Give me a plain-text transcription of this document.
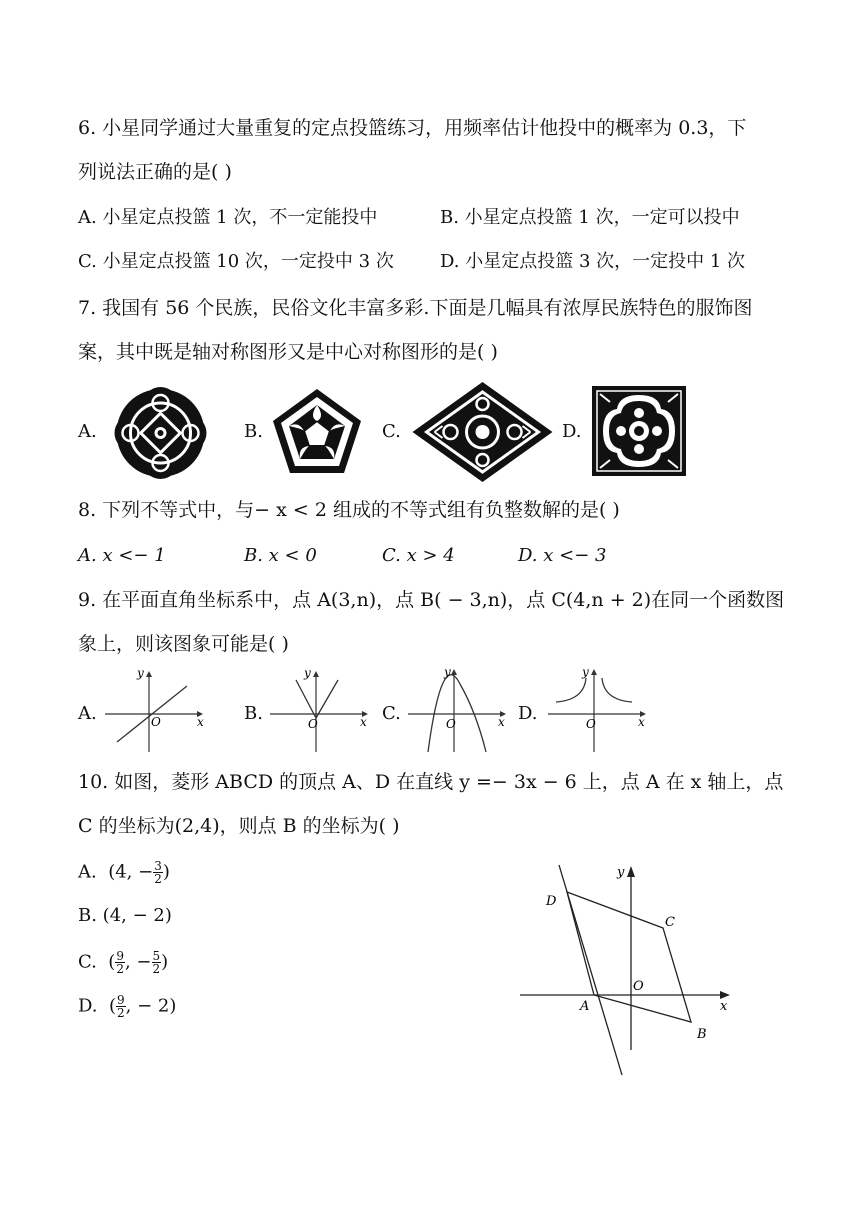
6. 小星同学通过大量重复的定点投篮练习，用频率估计他投中的概率为 0.3，下
列说法正确的是( )
A. 小星定点投篮 1 次，不一定能投中	B. 小星定点投篮 1 次，一定可以投中
C. 小星定点投篮 10 次，一定投中 3 次	D. 小星定点投篮 3 次，一定投中 1 次
7. 我国有 56 个民族，民俗文化丰富多彩.下面是几幅具有浓厚民族特色的服饰图
案，其中既是轴对称图形又是中心对称图形的是( )
A.	B.	C.	D.
8. 下列不等式中，与− x < 2 组成的不等式组有负整数解的是( )
A. x <− 1	B. x < 0	C. x > 4	D. x <− 3
9. 在平面直角坐标系中，点 A(3,n)，点 B( − 3,n)，点 C(4,n + 2)在同一个函数图
象上，则该图象可能是( )
A.
y
x
O	B.
y
x
O	C.
y
x
O	D.
y
x
O
10. 如图，菱形 ABCD 的顶点 A、D 在直线 y =− 3x − 6 上，点 A 在 x 轴上，点
C 的坐标为(2,4)，则点 B 的坐标为( )
A. (4, − $\frac{3}{2}$ )
B. (4, − 2)
C.  ( $\frac{9}{2}$ , − $\frac{5}{2}$ )
D.  ( $\frac{9}{2}$ , − 2)
D
C
A
B
O
x
y
